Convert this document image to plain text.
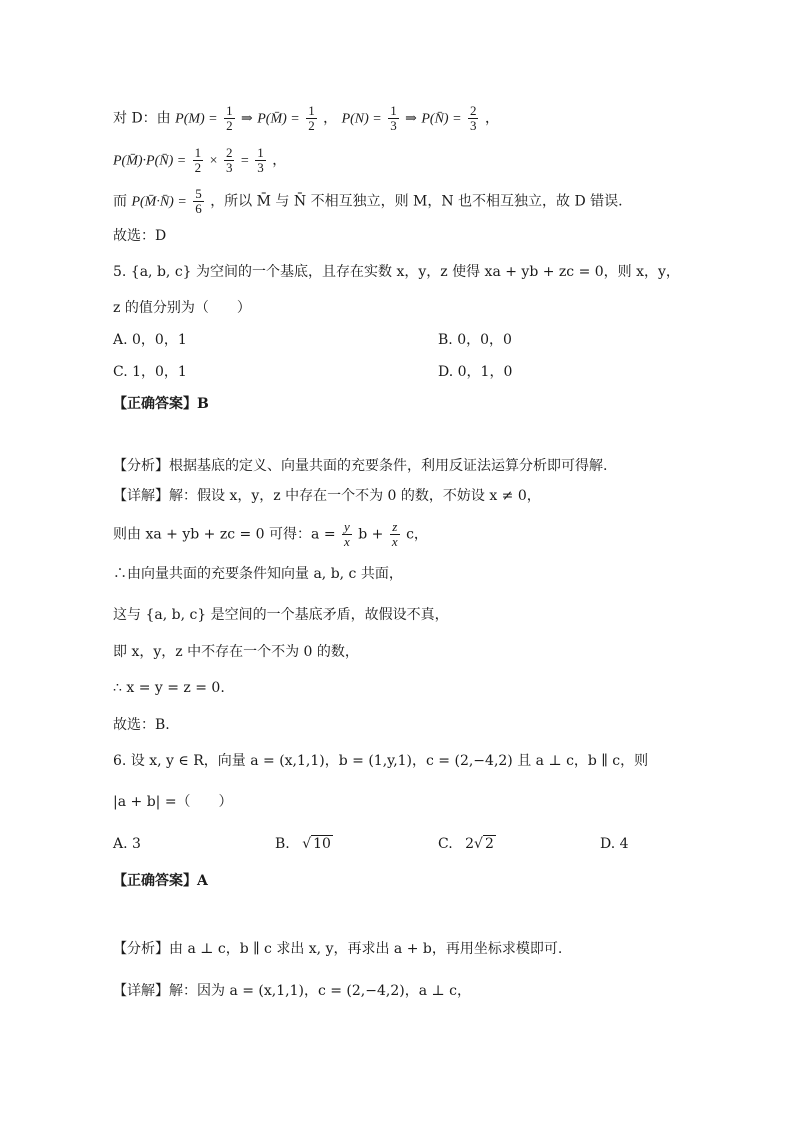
对 D：由 $P(M) = \frac{1}{2}$ ⇒ P(M̄) = $\frac{1}{2}$ ， $P(N) = \frac{1}{3}$ ⇒ P(N̄) = $\frac{2}{3}$ ，
P(M̄)·P(N̄) = $\frac{1}{2} \times \frac{2}{3} = \frac{1}{3}$ ，
而 P(M̄·N̄) = $\frac{5}{6}$ ，所以 M̄ 与 N̄ 不相互独立，则 M，N 也不相互独立，故 D 错误.
故选：D
5. {a, b, c} 为空间的一个基底，且存在实数 x，y，z 使得 xa + yb + zc = 0，则 x，y，
z 的值分别为（　　）
A. 0，0，1	B. 0，0，0
C. 1，0，1	D. 0，1，0
【正确答案】B
【分析】根据基底的定义、向量共面的充要条件，利用反证法运算分析即可得解.
【详解】解：假设 x，y，z 中存在一个不为 0 的数，不妨设 x ≠ 0，
则由 xa + yb + zc = 0 可得：$a = \frac{y}{x}$ $b + \frac{z}{x}$ c，
∴由向量共面的充要条件知向量 a, b, c 共面，
这与 {a, b, c} 是空间的一个基底矛盾，故假设不真，
即 x，y，z 中不存在一个不为 0 的数，
∴ x = y = z = 0.
故选：B.
6. 设 x, y ∈ R，向量 a = (x,1,1)，b = (1,y,1)，c = (2,−4,2) 且 a ⊥ c，b ∥ c，则
|a + b| =（　　）
A. 3	B. √ 10	C. 2√ 2	D. 4
【正确答案】A
【分析】由 a ⊥ c，b ∥ c 求出 x, y，再求出 a + b，再用坐标求模即可.
【详解】解：因为 a = (x,1,1)，c = (2,−4,2)，a ⊥ c，
